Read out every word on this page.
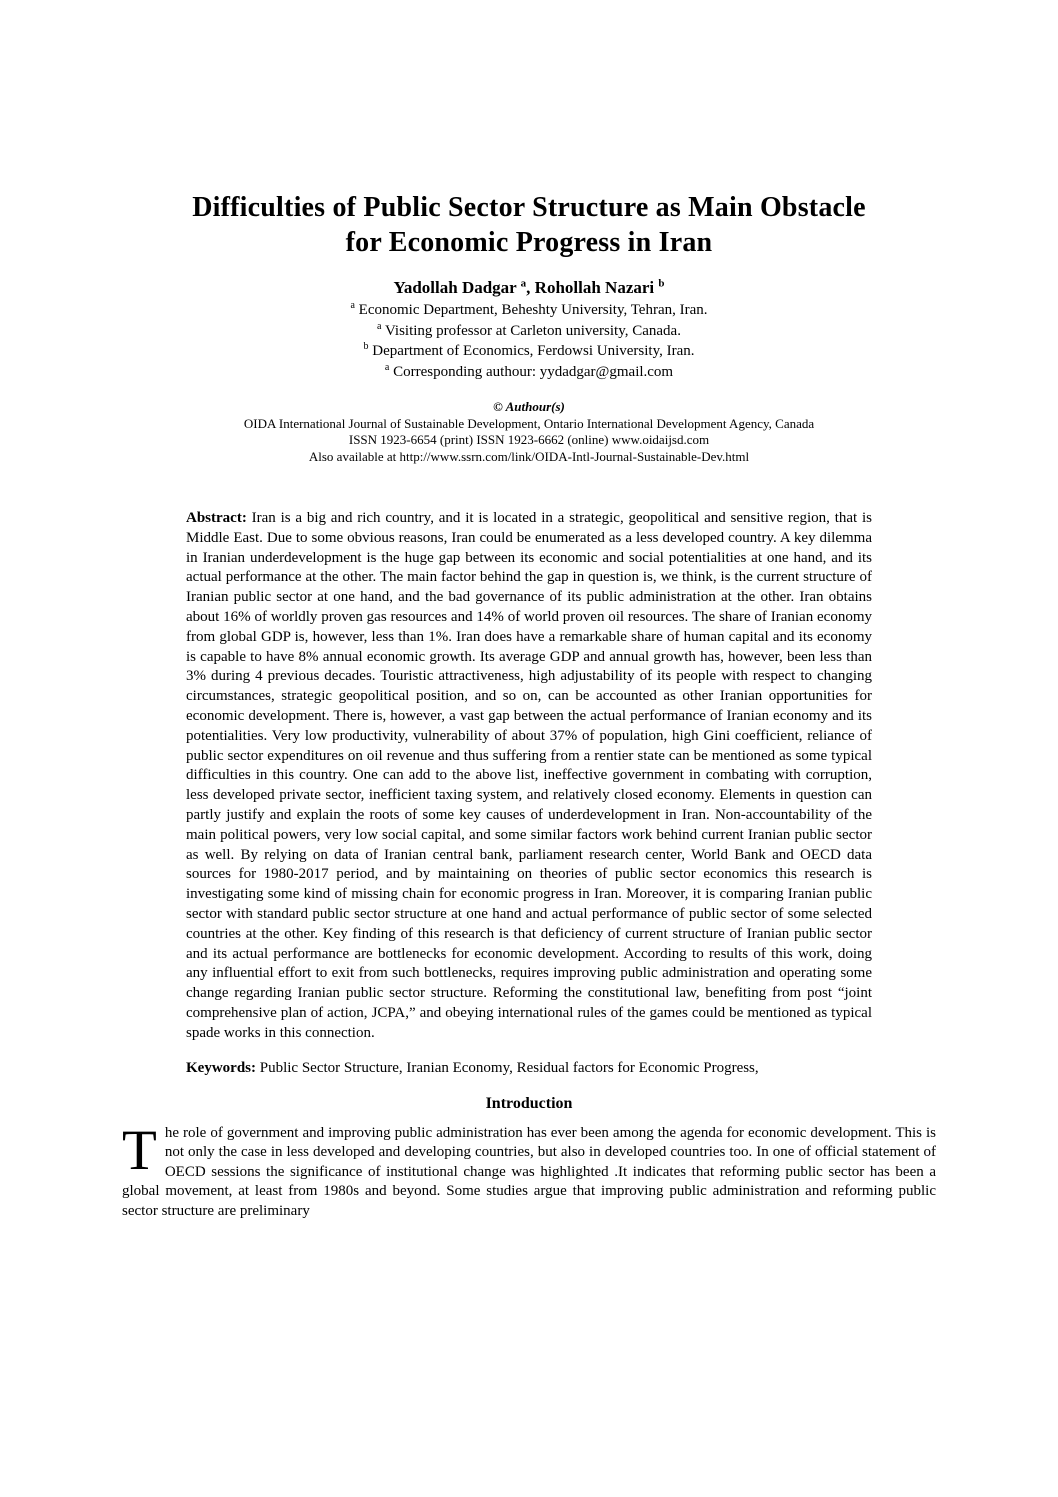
Difficulties of Public Sector Structure as Main Obstacle
for Economic Progress in Iran
Yadollah Dadgar $^a$, Rohollah Nazari $^b$
$^a$ Economic Department, Beheshty University, Tehran, Iran.
$^a$ Visiting professor at Carleton university, Canada.
$^b$ Department of Economics, Ferdowsi University, Iran.
$^a$ Corresponding authour: yydadgar@gmail.com
© Authour(s)
OIDA International Journal of Sustainable Development, Ontario International Development Agency, Canada
ISSN 1923-6654 (print) ISSN 1923-6662 (online) www.oidaijsd.com
Also available at http://www.ssrn.com/link/OIDA-Intl-Journal-Sustainable-Dev.html

Abstract: Iran is a big and rich country, and it is located in a strategic, geopolitical and sensitive region, that is Middle East. Due to some obvious reasons, Iran could be enumerated as a less developed country. A key dilemma in Iranian underdevelopment is the huge gap between its economic and social potentialities at one hand, and its actual performance at the other. The main factor behind the gap in question is, we think, is the current structure of Iranian public sector at one hand, and the bad governance of its public administration at the other. Iran obtains about 16% of worldly proven gas resources and 14% of world proven oil resources. The share of Iranian economy from global GDP is, however, less than 1%. Iran does have a remarkable share of human capital and its economy is capable to have 8% annual economic growth. Its average GDP and annual growth has, however, been less than 3% during 4 previous decades. Touristic attractiveness, high adjustability of its people with respect to changing circumstances, strategic geopolitical position, and so on, can be accounted as other Iranian opportunities for economic development. There is, however, a vast gap between the actual performance of Iranian economy and its potentialities. Very low productivity, vulnerability of about 37% of population, high Gini coefficient, reliance of public sector expenditures on oil revenue and thus suffering from a rentier state can be mentioned as some typical difficulties in this country. One can add to the above list, ineffective government in combating with corruption, less developed private sector, inefficient taxing system, and relatively closed economy. Elements in question can partly justify and explain the roots of some key causes of underdevelopment in Iran. Non-accountability of the main political powers, very low social capital, and some similar factors work behind current Iranian public sector as well. By relying on data of Iranian central bank, parliament research center, World Bank and OECD data sources for 1980-2017 period, and by maintaining on theories of public sector economics this research is investigating some kind of missing chain for economic progress in Iran. Moreover, it is comparing Iranian public sector with standard public sector structure at one hand and actual performance of public sector of some selected countries at the other. Key finding of this research is that deficiency of current structure of Iranian public sector and its actual performance are bottlenecks for economic development. According to results of this work, doing any influential effort to exit from such bottlenecks, requires improving public administration and operating some change regarding Iranian public sector structure. Reforming the constitutional law, benefiting from post “joint comprehensive plan of action, JCPA,” and obeying international rules of the games could be mentioned as typical spade works in this connection.

Keywords: Public Sector Structure, Iranian Economy, Residual factors for Economic Progress,

Introduction

The role of government and improving public administration has ever been among the agenda for economic development. This is not only the case in less developed and developing countries, but also in developed countries too. In one of official statement of OECD sessions the significance of institutional change was highlighted .It indicates that reforming public sector has been a global movement, at least from 1980s and beyond. Some studies argue that improving public administration and reforming public sector structure are preliminary
